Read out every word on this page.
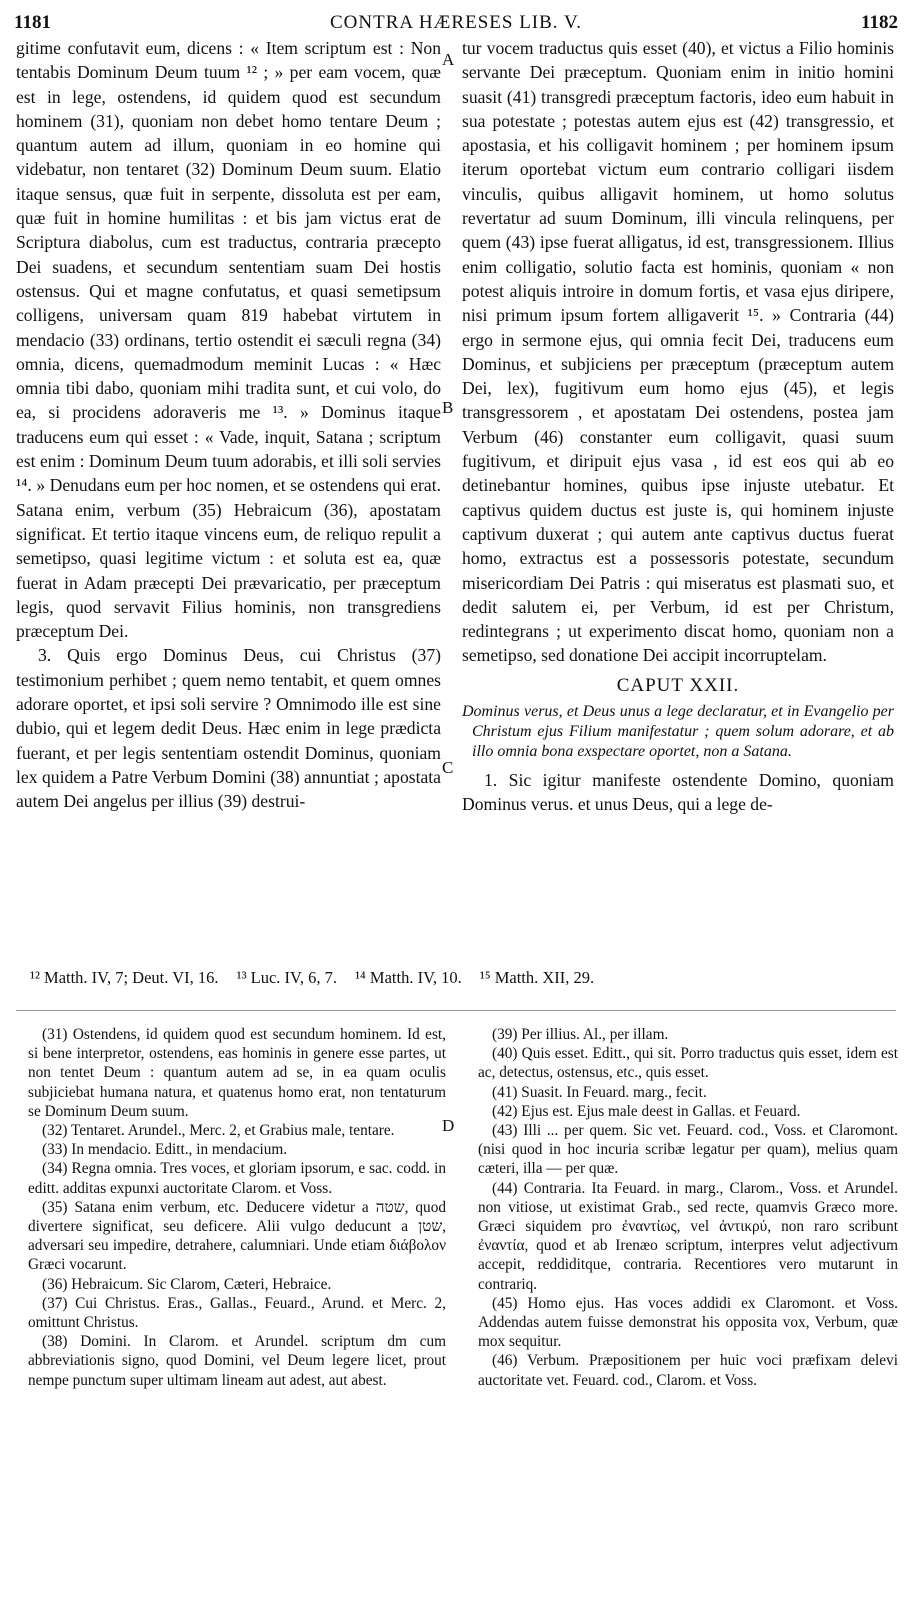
1181	CONTRA HÆRESES LIB. V.	1182

gitime confutavit eum, dicens : « Item scriptum est : Non tentabis Dominum Deum tuum ¹² ; » per eam vocem, quæ est in lege, ostendens, id quidem quod est secundum hominem (31), quoniam non debet homo tentare Deum ; quantum autem ad illum, quoniam in eo homine qui videbatur, non tentaret (32) Dominum Deum suum. Elatio itaque sensus, quæ fuit in serpente, dissoluta est per eam, quæ fuit in homine humilitas : et bis jam victus erat de Scriptura diabolus, cum est traductus, contraria præcepto Dei suadens, et secundum sententiam suam Dei hostis ostensus. Qui et magne confutatus, et quasi semetipsum colligens, universam quam 819 habebat virtutem in mendacio (33) ordinans, tertio ostendit ei sæculi regna (34) omnia, dicens, quemadmodum meminit Lucas : « Hæc omnia tibi dabo, quoniam mihi tradita sunt, et cui volo, do ea, si procidens adoraveris me ¹³. » Dominus itaque traducens eum qui esset : « Vade, inquit, Satana ; scriptum est enim : Dominum Deum tuum adorabis, et illi soli servies ¹⁴. » Denudans eum per hoc nomen, et se ostendens qui erat. Satana enim, verbum (35) Hebraicum (36), apostatam significat. Et tertio itaque vincens eum, de reliquo repulit a semetipso, quasi legitime victum : et soluta est ea, quæ fuerat in Adam præcepti Dei prævaricatio, per præceptum legis, quod servavit Filius hominis, non transgrediens præceptum Dei.

3. Quis ergo Dominus Deus, cui Christus (37) testimonium perhibet ; quem nemo tentabit, et quem omnes adorare oportet, et ipsi soli servire ? Omnimodo ille est sine dubio, qui et legem dedit Deus. Hæc enim in lege prædicta fuerant, et per legis sententiam ostendit Dominus, quoniam lex quidem a Patre Verbum Domini (38) annuntiat ; apostata autem Dei angelus per illius (39) destrui-

A
B
C
D

tur vocem traductus quis esset (40), et victus a Filio hominis servante Dei præceptum. Quoniam enim in initio homini suasit (41) transgredi præceptum factoris, ideo eum habuit in sua potestate ; potestas autem ejus est (42) transgressio, et apostasia, et his colligavit hominem ; per hominem ipsum iterum oportebat victum eum contrario colligari iisdem vinculis, quibus alligavit hominem, ut homo solutus revertatur ad suum Dominum, illi vincula relinquens, per quem (43) ipse fuerat alligatus, id est, transgressionem. Illius enim colligatio, solutio facta est hominis, quoniam « non potest aliquis introire in domum fortis, et vasa ejus diripere, nisi primum ipsum fortem alligaverit ¹⁵. » Contraria (44) ergo in sermone ejus, qui omnia fecit Dei, traducens eum Dominus, et subjiciens per præceptum (præceptum autem Dei, lex), fugitivum eum homo ejus (45), et legis transgressorem , et apostatam Dei ostendens, postea jam Verbum (46) constanter eum colligavit, quasi suum fugitivum, et diripuit ejus vasa , id est eos qui ab eo detinebantur homines, quibus ipse injuste utebatur. Et captivus quidem ductus est juste is, qui hominem injuste captivum duxerat ; qui autem ante captivus ductus fuerat homo, extractus est a possessoris potestate, secundum misericordiam Dei Patris : qui miseratus est plasmati suo, et dedit salutem ei, per Verbum, id est per Christum, redintegrans ; ut experimento discat homo, quoniam non a semetipso, sed donatione Dei accipit incorruptelam.

CAPUT XXII.

Dominus verus, et Deus unus a lege declaratur, et in Evangelio per Christum ejus Filium manifestatur ; quem solum adorare, et ab illo omnia bona exspectare oportet, non a Satana.

1. Sic igitur manifeste ostendente Domino, quoniam Dominus verus. et unus Deus, qui a lege de-

¹² Matth. IV, 7; Deut. VI, 16. ¹³ Luc. IV, 6, 7. ¹⁴ Matth. IV, 10. ¹⁵ Matth. XII, 29.

(31) Ostendens, id quidem quod est secundum hominem. Id est, si bene interpretor, ostendens, eas hominis in genere esse partes, ut non tentet Deum : quantum autem ad se, in ea quam oculis subjiciebat humana natura, et quatenus homo erat, non tentaturum se Dominum Deum suum.

(32) Tentaret. Arundel., Merc. 2, et Grabius male, tentare.

(33) In mendacio. Editt., in mendacium.

(34) Regna omnia. Tres voces, et gloriam ipsorum, e sac. codd. in editt. additas expunxi auctoritate Clarom. et Voss.

(35) Satana enim verbum, etc. Deducere videtur a שטה, quod divertere significat, seu deficere. Alii vulgo deducunt a שטן, adversari seu impedire, detrahere, calumniari. Unde etiam διάβολον Græci vocarunt.

(36) Hebraicum. Sic Clarom, Cæteri, Hebraice.

(37) Cui Christus. Eras., Gallas., Feuard., Arund. et Merc. 2, omittunt Christus.

(38) Domini. In Clarom. et Arundel. scriptum dm cum abbreviationis signo, quod Domini, vel Deum legere licet, prout nempe punctum super ultimam lineam aut adest, aut abest.

(39) Per illius. Al., per illam.

(40) Quis esset. Editt., qui sit. Porro traductus quis esset, idem est ac, detectus, ostensus, etc., quis esset.

(41) Suasit. In Feuard. marg., fecit.

(42) Ejus est. Ejus male deest in Gallas. et Feuard.

(43) Illi ... per quem. Sic vet. Feuard. cod., Voss. et Claromont. (nisi quod in hoc incuria scribæ legatur per quam), melius quam cæteri, illa — per quæ.

(44) Contraria. Ita Feuard. in marg., Clarom., Voss. et Arundel. non vitiose, ut existimat Grab., sed recte, quamvis Græco more. Græci siquidem pro ἐναντίως, vel ἀντικρύ, non raro scribunt ἐναντία, quod et ab Irenæo scriptum, interpres velut adjectivum accepit, reddiditque, contraria. Recentiores vero mutarunt in contrariq.

(45) Homo ejus. Has voces addidi ex Claromont. et Voss. Addendas autem fuisse demonstrat his opposita vox, Verbum, quæ mox sequitur.

(46) Verbum. Præpositionem per huic voci præfixam delevi auctoritate vet. Feuard. cod., Clarom. et Voss.
